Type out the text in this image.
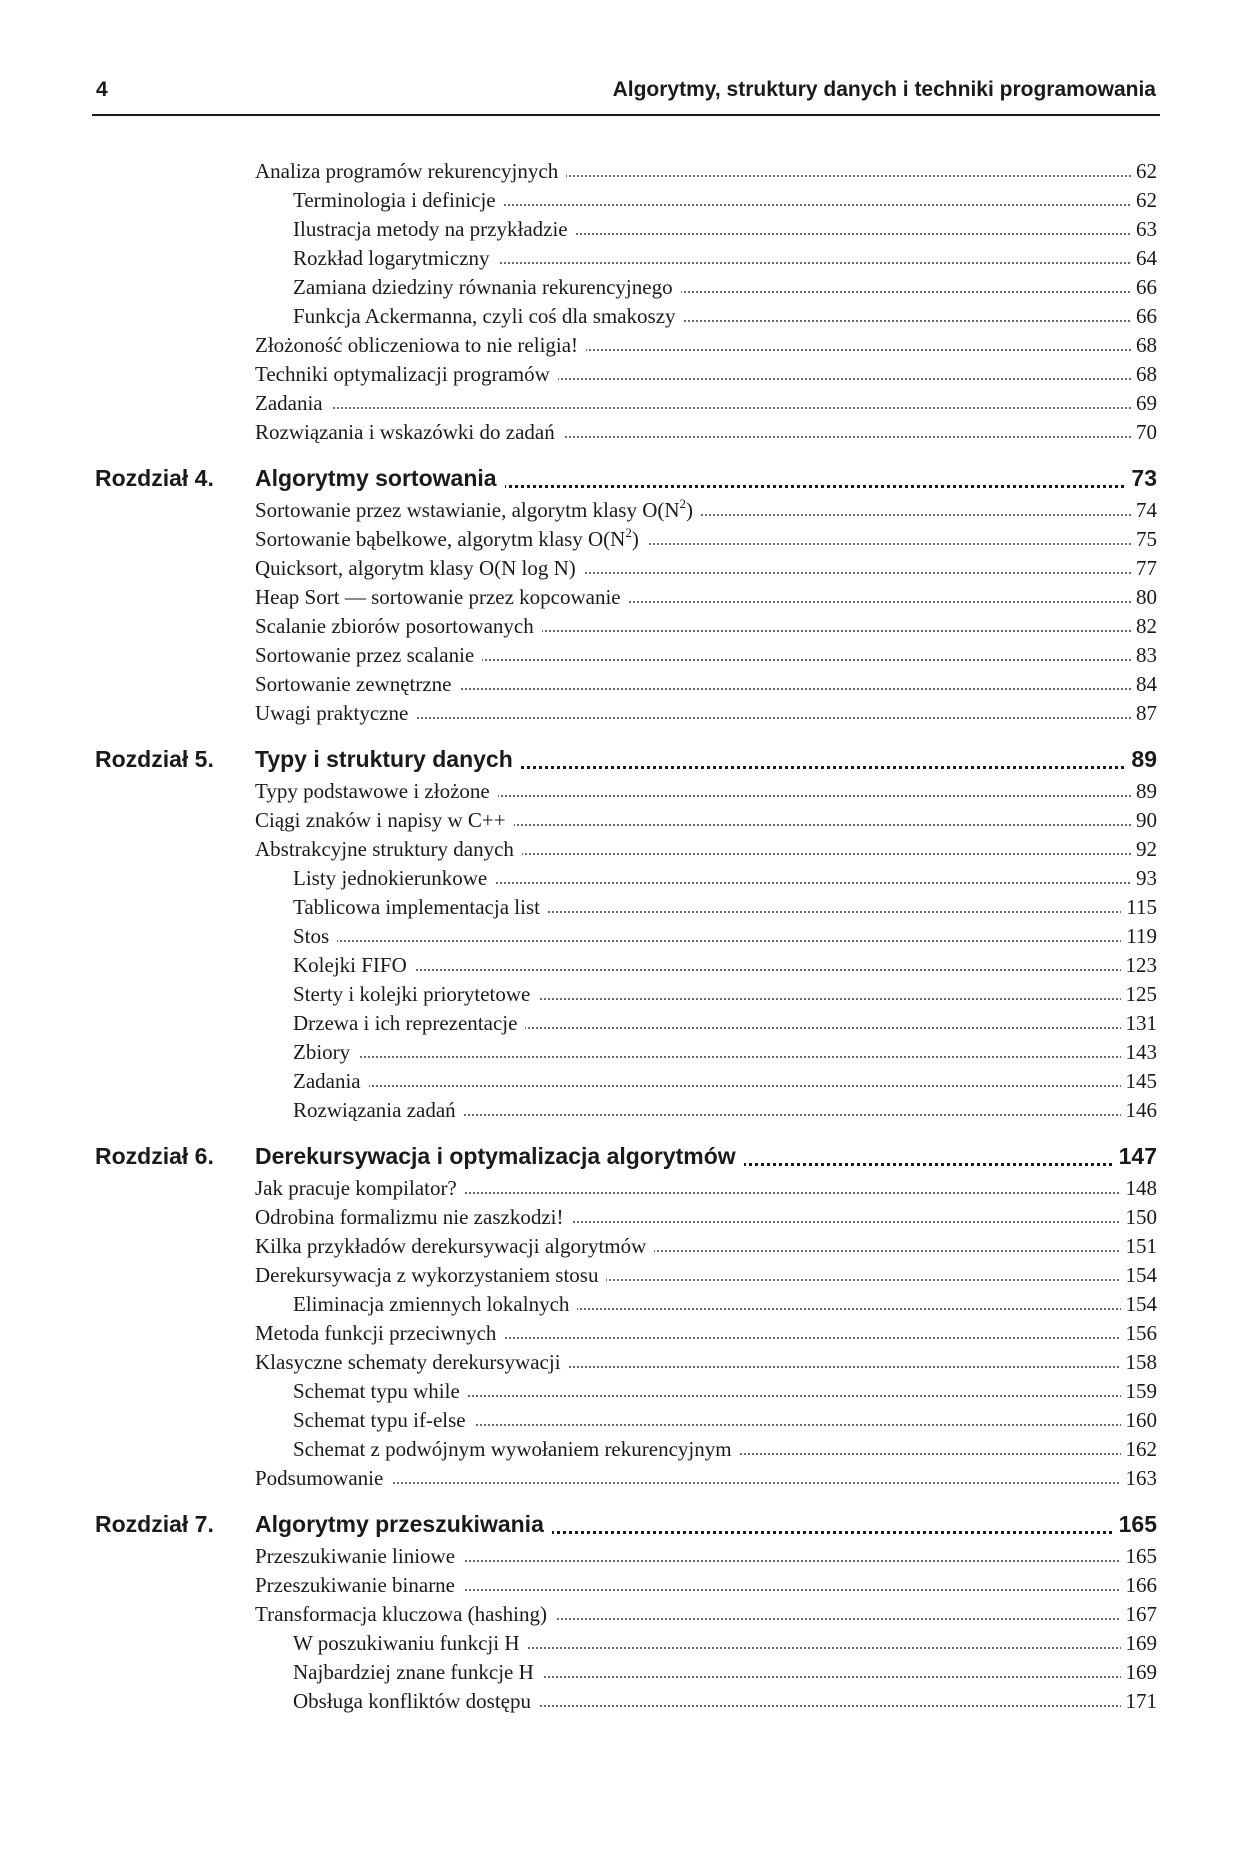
4	Algorytmy, struktury danych i techniki programowania
Analiza programów rekurencyjnych	62
Terminologia i definicje	62
Ilustracja metody na przykładzie	63
Rozkład logarytmiczny	64
Zamiana dziedziny równania rekurencyjnego	66
Funkcja Ackermanna, czyli coś dla smakoszy	66
Złożoność obliczeniowa to nie religia!	68
Techniki optymalizacji programów	68
Zadania	69
Rozwiązania i wskazówki do zadań	70
Rozdział 4. Algorytmy sortowania	73
Sortowanie przez wstawianie, algorytm klasy $O(N^2)$	74
Sortowanie bąbelkowe, algorytm klasy $O(N^2)$	75
Quicksort, algorytm klasy O(N log N)	77
Heap Sort — sortowanie przez kopcowanie	80
Scalanie zbiorów posortowanych	82
Sortowanie przez scalanie	83
Sortowanie zewnętrzne	84
Uwagi praktyczne	87
Rozdział 5. Typy i struktury danych	89
Typy podstawowe i złożone	89
Ciągi znaków i napisy w C++	90
Abstrakcyjne struktury danych	92
Listy jednokierunkowe	93
Tablicowa implementacja list	115
Stos	119
Kolejki FIFO	123
Sterty i kolejki priorytetowe	125
Drzewa i ich reprezentacje	131
Zbiory	143
Zadania	145
Rozwiązania zadań	146
Rozdział 6. Derekursywacja i optymalizacja algorytmów	147
Jak pracuje kompilator?	148
Odrobina formalizmu nie zaszkodzi!	150
Kilka przykładów derekursywacji algorytmów	151
Derekursywacja z wykorzystaniem stosu	154
Eliminacja zmiennych lokalnych	154
Metoda funkcji przeciwnych	156
Klasyczne schematy derekursywacji	158
Schemat typu while	159
Schemat typu if-else	160
Schemat z podwójnym wywołaniem rekurencyjnym	162
Podsumowanie	163
Rozdział 7. Algorytmy przeszukiwania	165
Przeszukiwanie liniowe	165
Przeszukiwanie binarne	166
Transformacja kluczowa (hashing)	167
W poszukiwaniu funkcji H	169
Najbardziej znane funkcje H	169
Obsługa konfliktów dostępu	171
